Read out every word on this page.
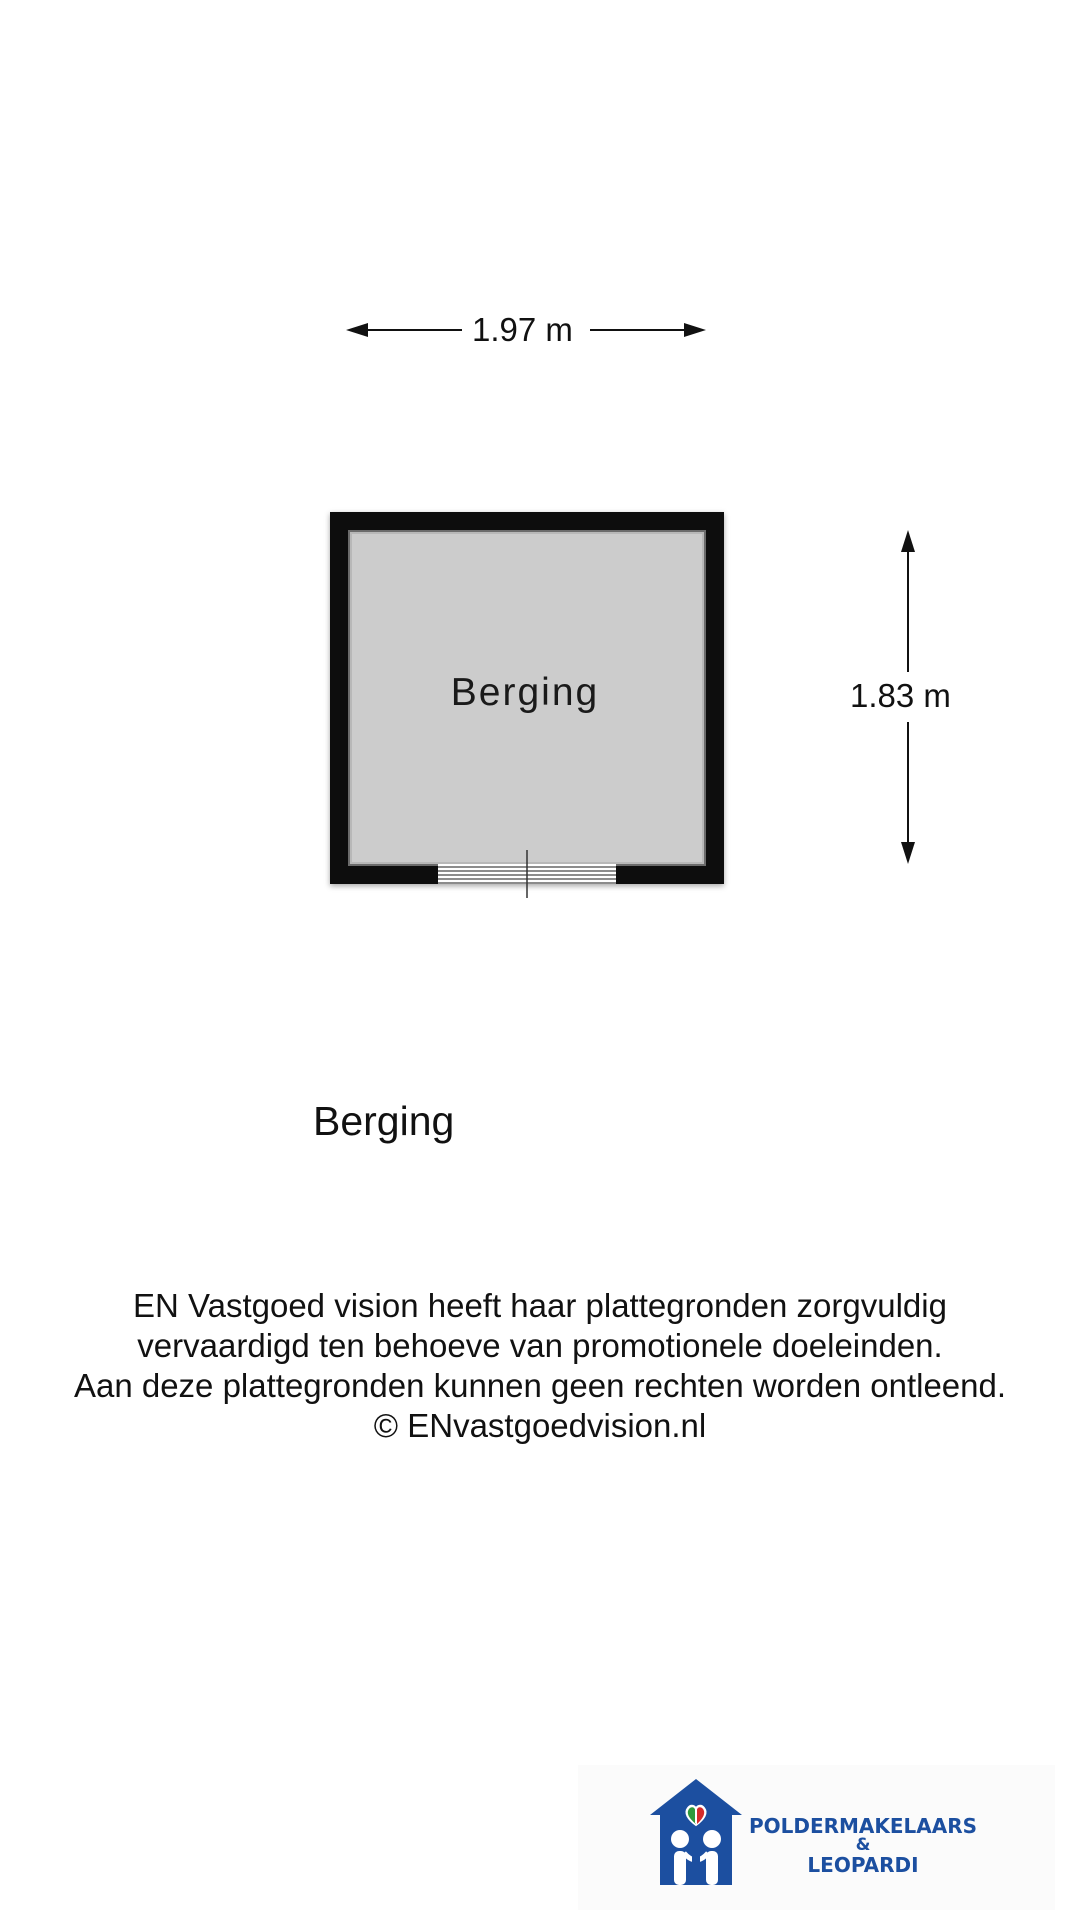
1.97 m
1.83 m
Berging
Berging
EN Vastgoed vision heeft haar plattegronden zorgvuldig
vervaardigd ten behoeve van promotionele doeleinden.
Aan deze plattegronden kunnen geen rechten worden ontleend.
© ENvastgoedvision.nl
POLDERMAKELAARS
&
LEOPARDI
